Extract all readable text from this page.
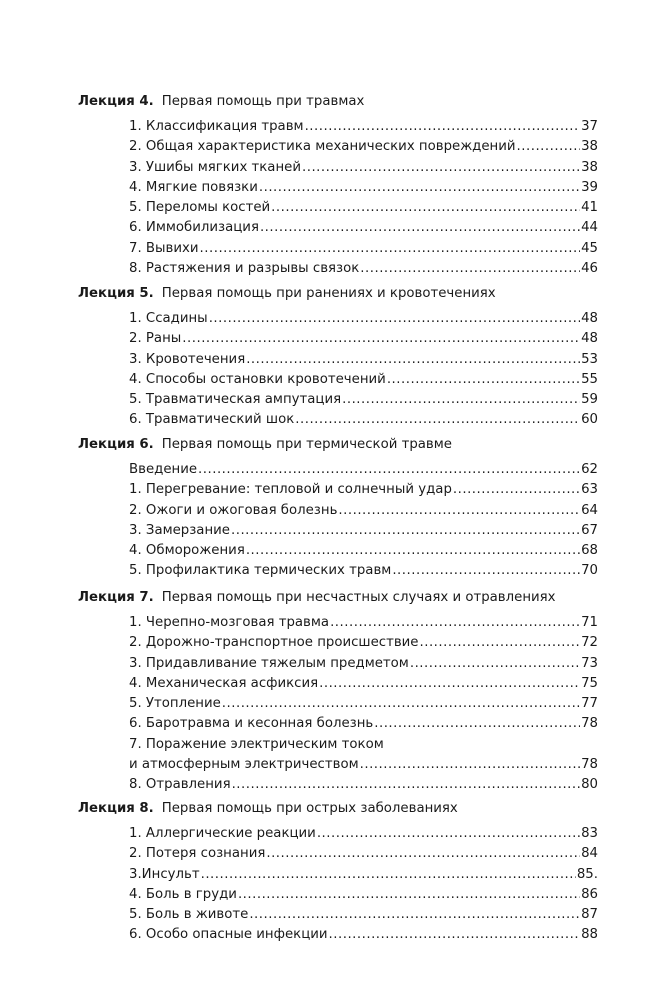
Лекция 4. Первая помощь при травмах
1. Классификация травм .....	37
2. Общая характеристика механических повреждений .....	38
3. Ушибы мягких тканей .....	38
4. Мягкие повязки .....	39
5. Переломы костей .....	41
6. Иммобилизация .....	44
7. Вывихи .....	45
8. Растяжения и разрывы связок .....	46
Лекция 5. Первая помощь при ранениях и кровотечениях
1. Ссадины .....	48
2. Раны .....	48
3. Кровотечения .....	53
4. Способы остановки кровотечений .....	55
5. Травматическая ампутация .....	59
6. Травматический шок .....	60
Лекция 6. Первая помощь при термической травме
Введение .....	62
1. Перегревание: тепловой и солнечный удар .....	63
2. Ожоги и ожоговая болезнь .....	64
3. Замерзание .....	67
4. Обморожения .....	68
5. Профилактика термических травм .....	70
Лекция 7. Первая помощь при несчастных случаях и отравлениях
1. Черепно-мозговая травма .....	71
2. Дорожно-транспортное происшествие .....	72
3. Придавливание тяжелым предметом .....	73
4. Механическая асфиксия .....	75
5. Утопление .....	77
6. Баротравма и кесонная болезнь .....	78
7. Поражение электрическим током
и атмосферным электричеством .....	78
8. Отравления .....	80
Лекция 8. Первая помощь при острых заболеваниях
1. Аллергические реакции .....	83
2. Потеря сознания .....	84
3.Инсульт .....	85.
4. Боль в груди .....	86
5. Боль в животе .....	87
6. Особо опасные инфекции .....	88
